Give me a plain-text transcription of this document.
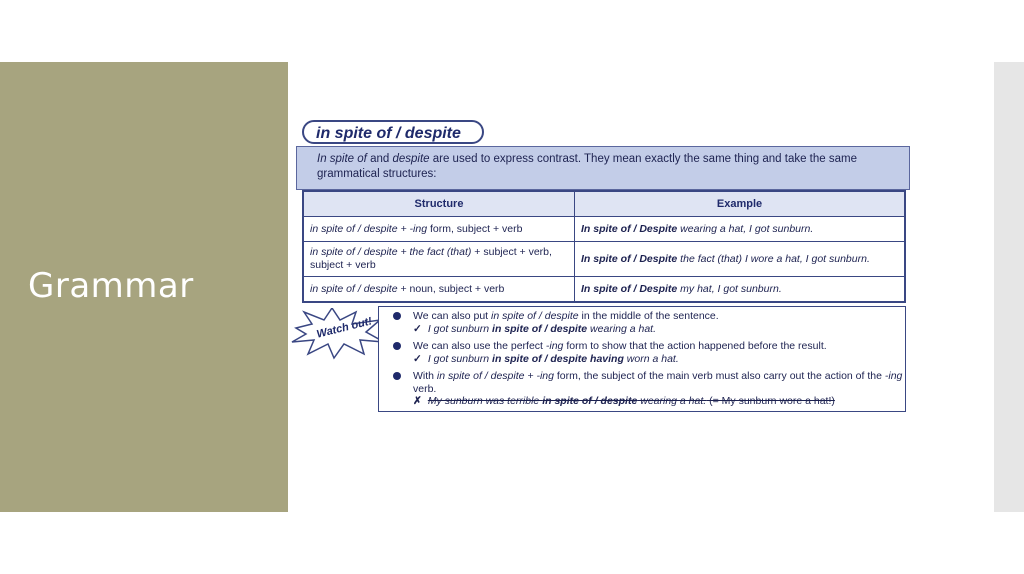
Grammar
in spite of / despite
In spite of and despite are used to express contrast. They mean exactly the same thing and take the same grammatical structures:
Structure	Example
in spite of / despite + -ing form, subject + verb	In spite of / Despite wearing a hat, I got sunburn.
in spite of / despite + the fact (that) + subject + verb, subject + verb	In spite of / Despite the fact (that) I wore a hat, I got sunburn.
in spite of / despite + noun, subject + verb	In spite of / Despite my hat, I got sunburn.
Watch out!	We can also put in spite of / despite in the middle of the sentence.
✓ I got sunburn in spite of / despite wearing a hat.
We can also use the perfect -ing form to show that the action happened before the result.
✓ I got sunburn in spite of / despite having worn a hat.
With in spite of / despite + -ing form, the subject of the main verb must also carry out the action of the -ing verb.
✗ My sunburn was terrible in spite of / despite wearing a hat. (= My sunburn wore a hat!)
